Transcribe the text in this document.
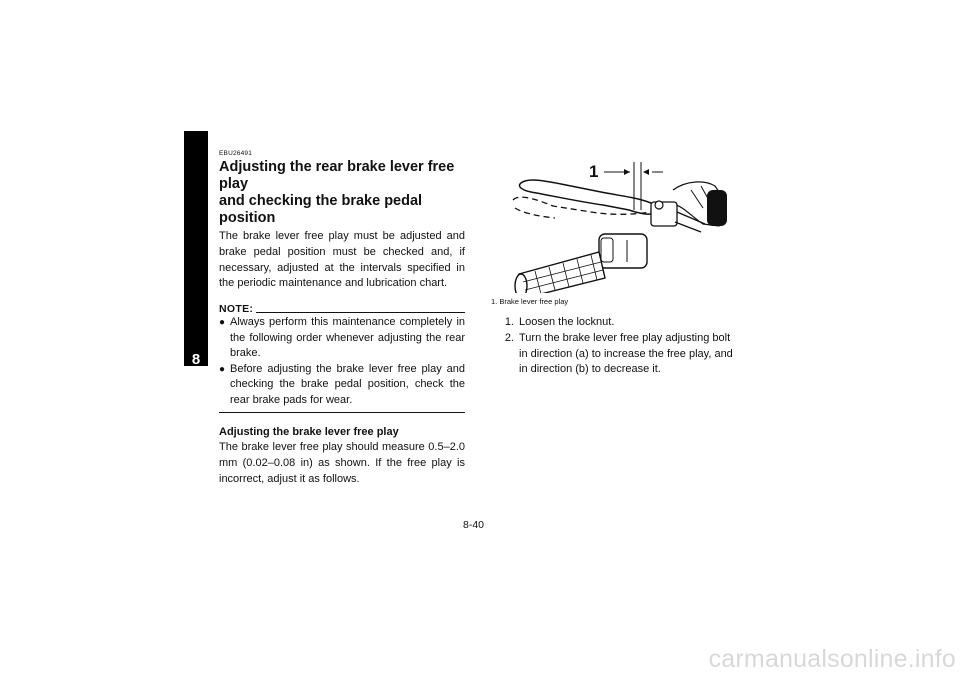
8
EBU26491
Adjusting the rear brake lever free play
and checking the brake pedal position

The brake lever free play must be adjusted and brake pedal position must be checked and, if necessary, adjusted at the intervals specified in the periodic maintenance and lubrication chart.

NOTE:
● Always perform this maintenance completely in the following order whenever adjusting the rear brake.
● Before adjusting the brake lever free play and checking the brake pedal position, check the rear brake pads for wear.
Adjusting the brake lever free play

The brake lever free play should measure 0.5–2.0 mm (0.02–0.08 in) as shown. If the free play is incorrect, adjust it as follows.

1
1. Brake lever free play
1. Loosen the locknut.
2. Turn the brake lever free play adjusting bolt in direction (a) to increase the free play, and in direction (b) to decrease it.
8-40
carmanualsonline.info
